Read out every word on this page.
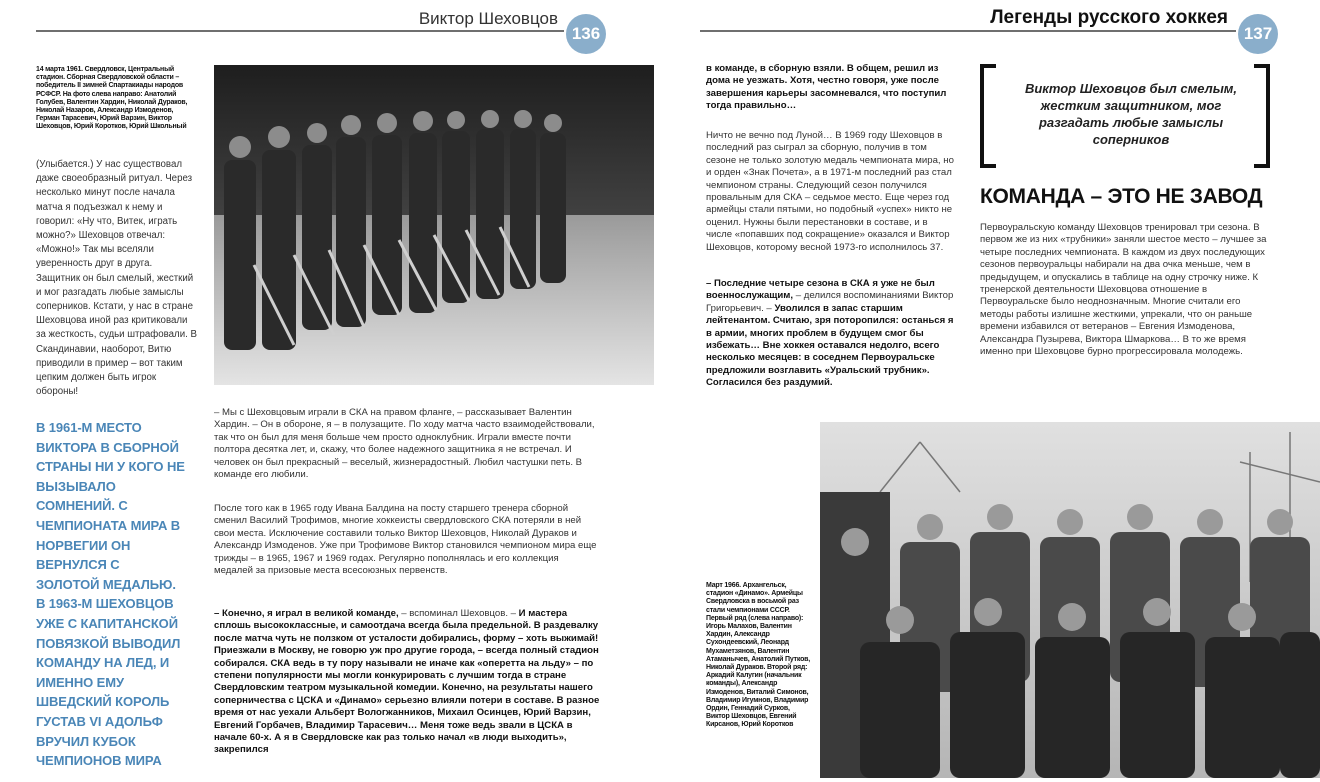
Виктор Шеховцов
136
14 марта 1961. Свердловск, Центральный стадион. Сборная Свердловской области – победитель II зимней Спартакиады народов РСФСР. На фото слева направо: Анатолий Голубев, Валентин Хардин, Николай Дураков, Николай Назаров, Александр Измоденов, Герман Тарасевич, Юрий Варзин, Виктор Шеховцов, Юрий Коротков, Юрий Школьный
(Улыбается.) У нас существовал даже своеобразный ритуал. Через несколько минут после начала матча я подъезжал к нему и говорил: «Ну что, Витек, играть можно?» Шеховцов отвечал: «Можно!» Так мы вселяли уверенность друг в друга. Защитник он был смелый, жесткий и мог разгадать любые замыслы соперников. Кстати, у нас в стране Шеховцова иной раз критиковали за жесткость, судьи штрафовали. В Скандинавии, наоборот, Витю приводили в пример – вот таким цепким должен быть игрок обороны!
В 1961-М МЕСТО ВИКТОРА В СБОРНОЙ СТРАНЫ НИ У КОГО НЕ ВЫЗЫВАЛО СОМНЕНИЙ. С ЧЕМПИОНАТА МИРА В НОРВЕГИИ ОН ВЕРНУЛСЯ С ЗОЛОТОЙ МЕДАЛЬЮ. В 1963-М ШЕХОВЦОВ УЖЕ С КАПИТАНСКОЙ ПОВЯЗКОЙ ВЫВОДИЛ КОМАНДУ НА ЛЕД, И ИМЕННО ЕМУ ШВЕДСКИЙ КОРОЛЬ ГУСТАВ VI АДОЛЬФ ВРУЧИЛ КУБОК ЧЕМПИОНОВ МИРА
– Мы с Шеховцовым играли в СКА на правом фланге, – рассказывает Валентин Хардин. – Он в обороне, я – в полузащите. По ходу матча часто взаимодействовали, так что он был для меня больше чем просто одноклубник. Играли вместе почти полтора десятка лет, и, скажу, что более надежного защитника я не встречал. И человек он был прекрасный – веселый, жизнерадостный. Любил частушки петь. В команде его любили.
После того как в 1965 году Ивана Балдина на посту старшего тренера сборной сменил Василий Трофимов, многие хоккеисты свердловского СКА потеряли в ней свои места. Исключение составили только Виктор Шеховцов, Николай Дураков и Александр Измоденов. Уже при Трофимове Виктор становился чемпионом мира еще трижды – в 1965, 1967 и 1969 годах. Регулярно пополнялась и его коллекция медалей за призовые места всесоюзных первенств.
– Конечно, я играл в великой команде, – вспоминал Шеховцов. – И мастера сплошь высококлассные, и самоотдача всегда была предельной. В раздевалку после матча чуть не ползком от усталости добирались, форму – хоть выжимай! Приезжали в Москву, не говорю уж про другие города, – всегда полный стадион собирался. СКА ведь в ту пору называли не иначе как «оперетта на льду» – по степени популярности мы могли конкурировать с лучшим тогда в стране Свердловским театром музыкальной комедии. Конечно, на результаты нашего соперничества с ЦСКА и «Динамо» серьезно влияли потери в составе. В разное время от нас уехали Альберт Вологжанников, Михаил Осинцев, Юрий Варзин, Евгений Горбачев, Владимир Тарасевич… Меня тоже ведь звали в ЦСКА в начале 60-х. А я в Свердловске как раз только начал «в люди выходить», закрепился
Легенды русского хоккея
137
в команде, в сборную взяли. В общем, решил из дома не уезжать. Хотя, честно говоря, уже после завершения карьеры засомневался, что поступил тогда правильно…
Ничто не вечно под Луной… В 1969 году Шеховцов в последний раз сыграл за сборную, получив в том сезоне не только золотую медаль чемпионата мира, но и орден «Знак Почета», а в 1971-м последний раз стал чемпионом страны. Следующий сезон получился провальным для СКА – седьмое место. Еще через год армейцы стали пятыми, но подобный «успех» никто не оценил. Нужны были перестановки в составе, и в числе «попавших под сокращение» оказался и Виктор Шеховцов, которому весной 1973-го исполнилось 37.
– Последние четыре сезона в СКА я уже не был военнослужащим, – делился воспоминаниями Виктор Григорьевич. – Уволился в запас старшим лейтенантом. Считаю, зря поторопился: останься я в армии, многих проблем в будущем смог бы избежать… Вне хоккея оставался недолго, всего несколько месяцев: в соседнем Первоуральске предложили возглавить «Уральский трубник». Согласился без раздумий.
Виктор Шеховцов был смелым, жестким защитником, мог разгадать любые замыслы соперников
КОМАНДА – ЭТО НЕ ЗАВОД
Первоуральскую команду Шеховцов тренировал три сезона. В первом же из них «трубники» заняли шестое место – лучшее за четыре последних чемпионата. В каждом из двух последующих сезонов первоуральцы набирали на два очка меньше, чем в предыдущем, и опускались в таблице на одну строчку ниже. К тренерской деятельности Шеховцова отношение в Первоуральске было неоднозначным. Многие считали его методы работы излишне жесткими, упрекали, что он раньше времени избавился от ветеранов – Евгения Измоденова, Александра Пузырева, Виктора Шмаркова… В то же время именно при Шеховцове бурно прогрессировала молодежь.
Март 1966. Архангельск, стадион «Динамо». Армейцы Свердловска в восьмой раз стали чемпионами СССР. Первый ряд (слева направо): Игорь Малахов, Валентин Хардин, Александр Сухондеевский, Леонард Мухаметзянов, Валентин Атаманычев, Анатолий Путков, Николай Дураков. Второй ряд: Аркадий Калугин (начальник команды), Александр Измоденов, Виталий Симонов, Владимир Игумнов, Владимир Ордин, Геннадий Сурков, Виктор Шеховцов, Евгений Кирсанов, Юрий Коротков
